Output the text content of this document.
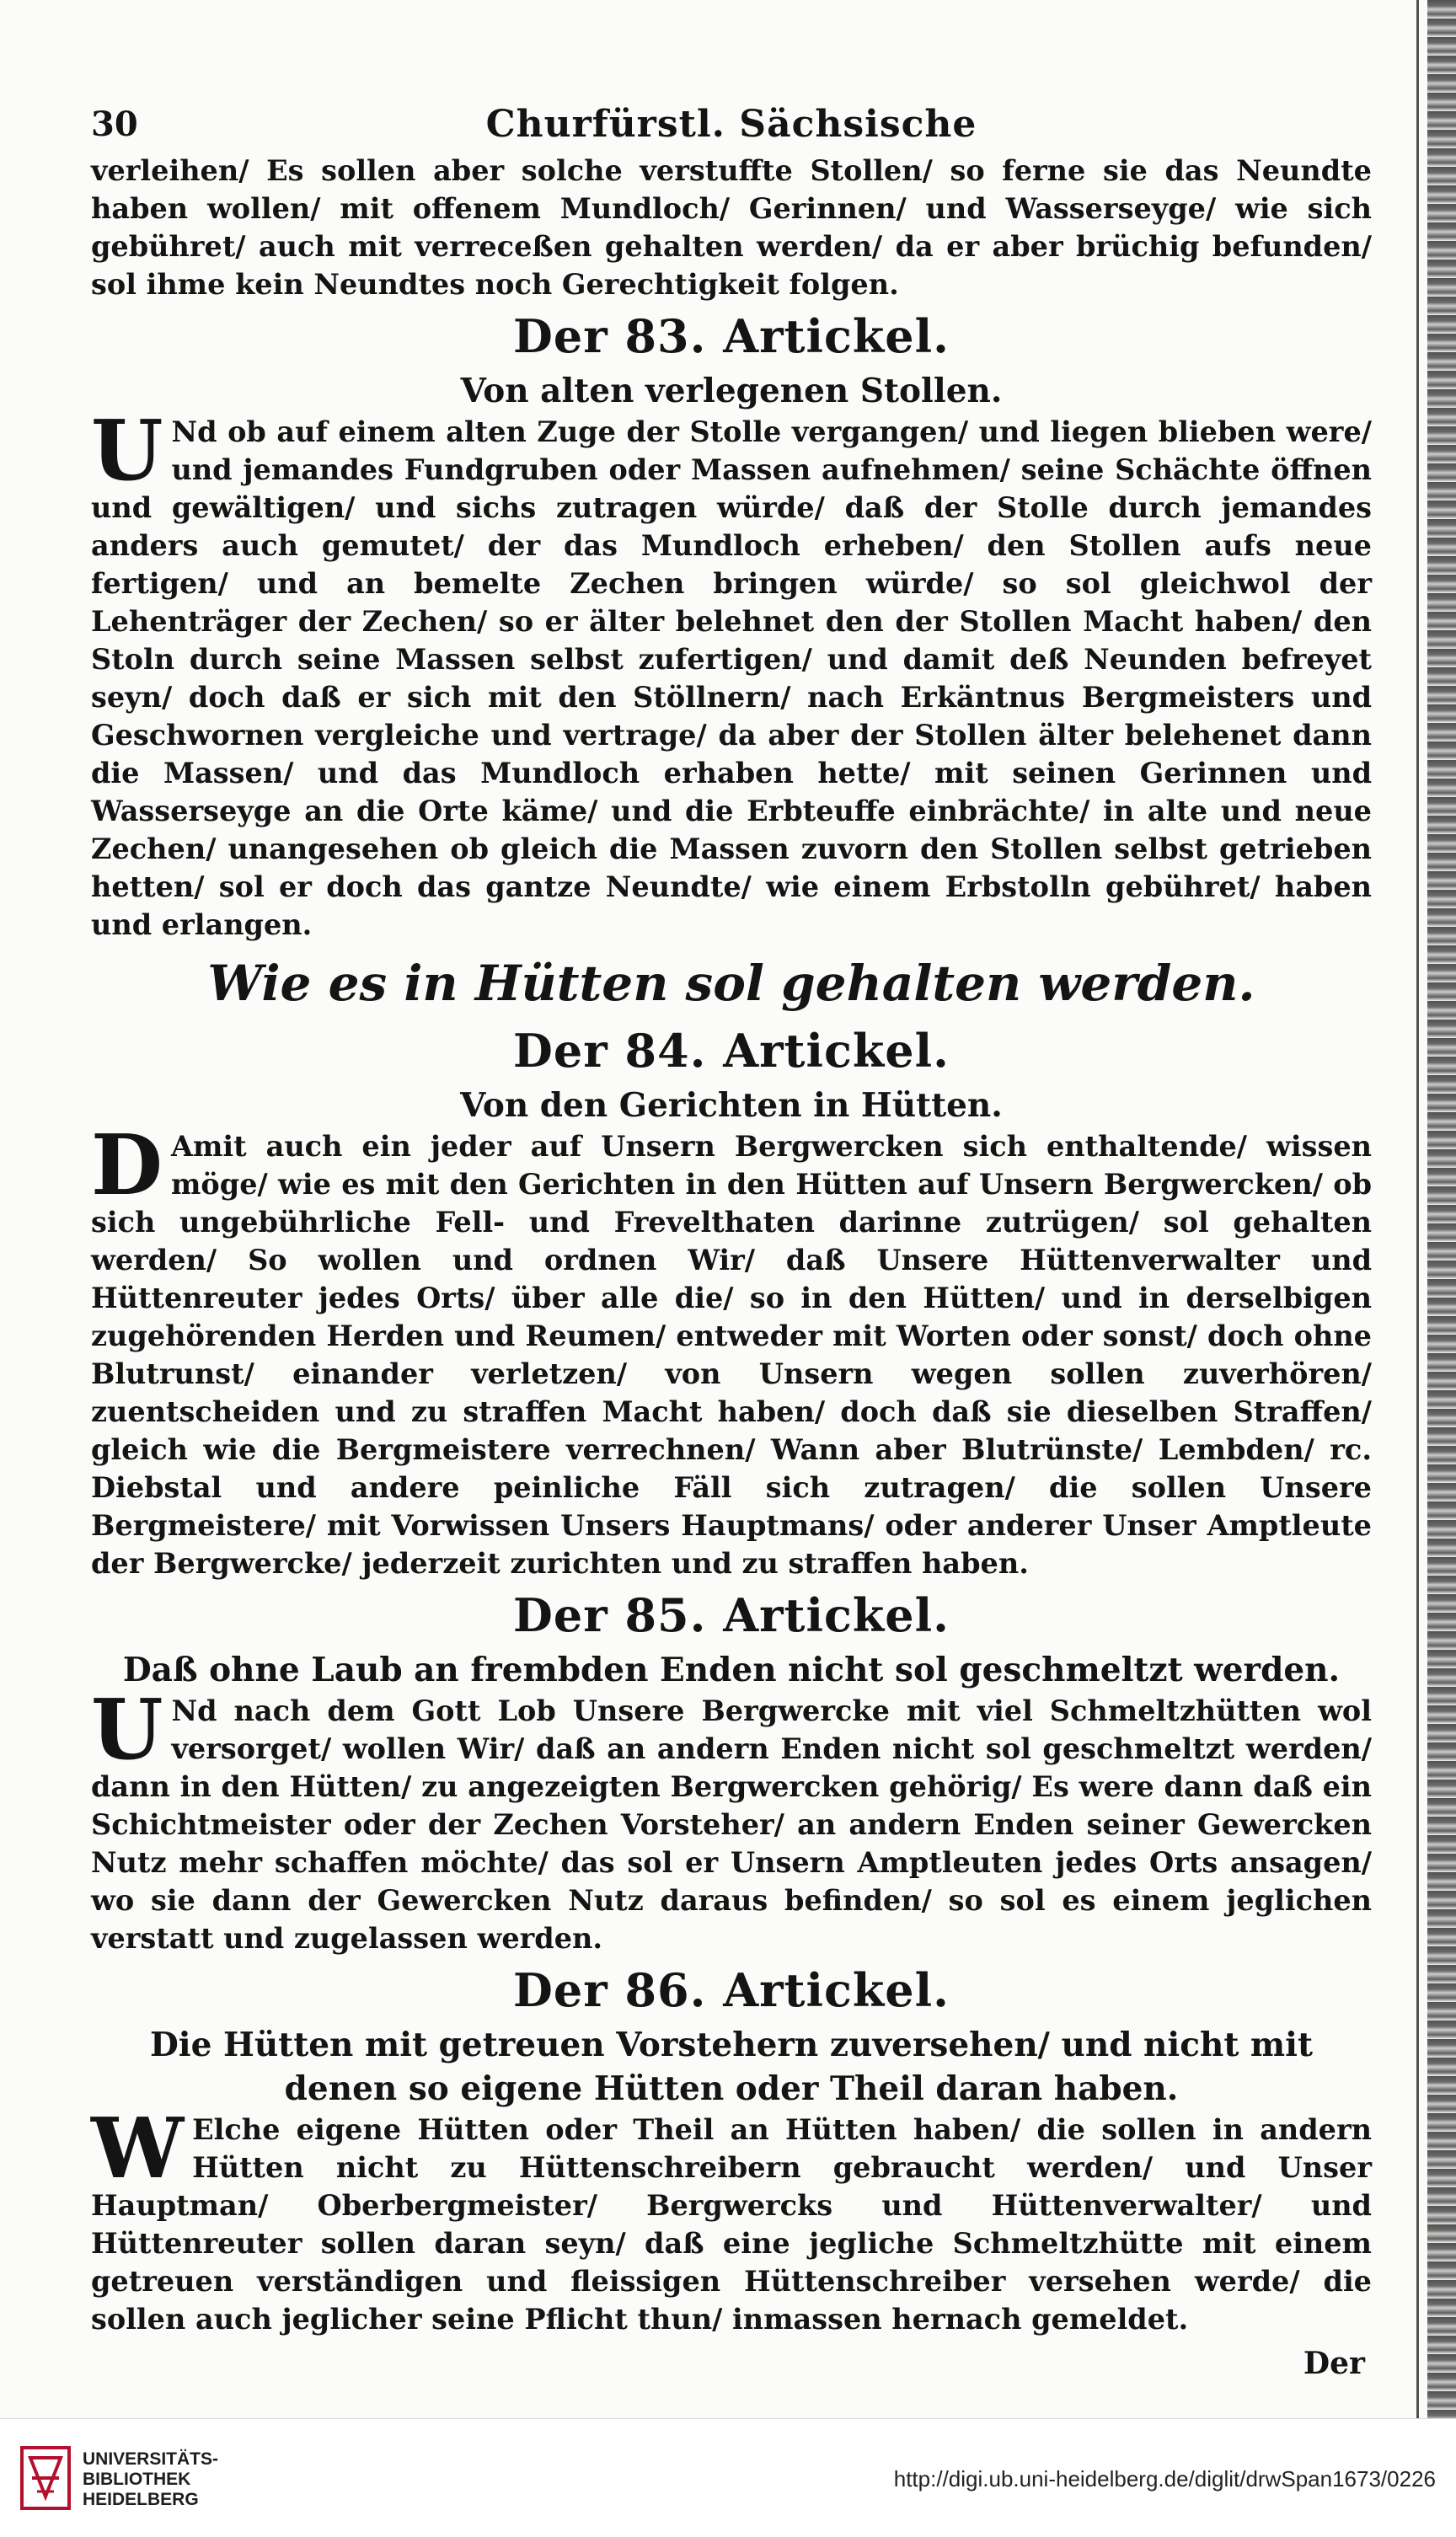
30	Churfürstl. Sächsische

verleihen/ Es sollen aber solche verstuffte Stollen/ so ferne sie das Neundte haben wollen/ mit offenem Mundloch/ Gerinnen/ und Wasserseyge/ wie sich gebühret/ auch mit verreceßen gehalten werden/ da er aber brüchig befunden/ sol ihme kein Neundtes noch Gerechtigkeit folgen.

Der 83. Artickel.
Von alten verlegenen Stollen.

U Nd ob auf einem alten Zuge der Stolle vergangen/ und liegen blieben were/ und jemandes Fundgruben oder Massen aufnehmen/ seine Schächte öffnen und gewältigen/ und sichs zutragen würde/ daß der Stolle durch jemandes anders auch gemutet/ der das Mundloch erheben/ den Stollen aufs neue fertigen/ und an bemelte Zechen bringen würde/ so sol gleichwol der Lehenträger der Zechen/ so er älter belehnet den der Stollen Macht haben/ den Stoln durch seine Massen selbst zufertigen/ und damit deß Neunden befreyet seyn/ doch daß er sich mit den Stöllnern/ nach Erkäntnus Bergmeisters und Geschwornen vergleiche und vertrage/ da aber der Stollen älter belehenet dann die Massen/ und das Mundloch erhaben hette/ mit seinen Gerinnen und Wasserseyge an die Orte käme/ und die Erbteuffe einbrächte/ in alte und neue Zechen/ unangesehen ob gleich die Massen zuvorn den Stollen selbst getrieben hetten/ sol er doch das gantze Neundte/ wie einem Erbstolln gebühret/ haben und erlangen.

Wie es in Hütten sol gehalten werden.
Der 84. Artickel.
Von den Gerichten in Hütten.

D Amit auch ein jeder auf Unsern Bergwercken sich enthaltende/ wissen möge/ wie es mit den Gerichten in den Hütten auf Unsern Bergwercken/ ob sich ungebührliche Fell- und Frevelthaten darinne zutrügen/ sol gehalten werden/ So wollen und ordnen Wir/ daß Unsere Hüttenverwalter und Hüttenreuter jedes Orts/ über alle die/ so in den Hütten/ und in derselbigen zugehörenden Herden und Reumen/ entweder mit Worten oder sonst/ doch ohne Blutrunst/ einander verletzen/ von Unsern wegen sollen zuverhören/ zuentscheiden und zu straffen Macht haben/ doch daß sie dieselben Straffen/ gleich wie die Bergmeistere verrechnen/ Wann aber Blutrünste/ Lembden/ rc. Diebstal und andere peinliche Fäll sich zutragen/ die sollen Unsere Bergmeistere/ mit Vorwissen Unsers Hauptmans/ oder anderer Unser Amptleute der Bergwercke/ jederzeit zurichten und zu straffen haben.

Der 85. Artickel.
Daß ohne Laub an frembden Enden nicht sol geschmeltzt werden.

U Nd nach dem Gott Lob Unsere Bergwercke mit viel Schmeltzhütten wol versorget/ wollen Wir/ daß an andern Enden nicht sol geschmeltzt werden/ dann in den Hütten/ zu angezeigten Bergwercken gehörig/ Es were dann daß ein Schichtmeister oder der Zechen Vorsteher/ an andern Enden seiner Gewercken Nutz mehr schaffen möchte/ das sol er Unsern Amptleuten jedes Orts ansagen/ wo sie dann der Gewercken Nutz daraus befinden/ so sol es einem jeglichen verstatt und zugelassen werden.

Der 86. Artickel.
Die Hütten mit getreuen Vorstehern zuversehen/ und nicht mit denen so eigene Hütten oder Theil daran haben.

W Elche eigene Hütten oder Theil an Hütten haben/ die sollen in andern Hütten nicht zu Hüttenschreibern gebraucht werden/ und Unser Hauptman/ Oberbergmeister/ Bergwercks und Hüttenverwalter/ und Hüttenreuter sollen daran seyn/ daß eine jegliche Schmeltzhütte mit einem getreuen verständigen und fleissigen Hüttenschreiber versehen werde/ die sollen auch jeglicher seine Pflicht thun/ inmassen hernach gemeldet.

Der
UNIVERSITÄTS-
BIBLIOTHEK
HEIDELBERG
http://digi.ub.uni-heidelberg.de/diglit/drwSpan1673/0226
